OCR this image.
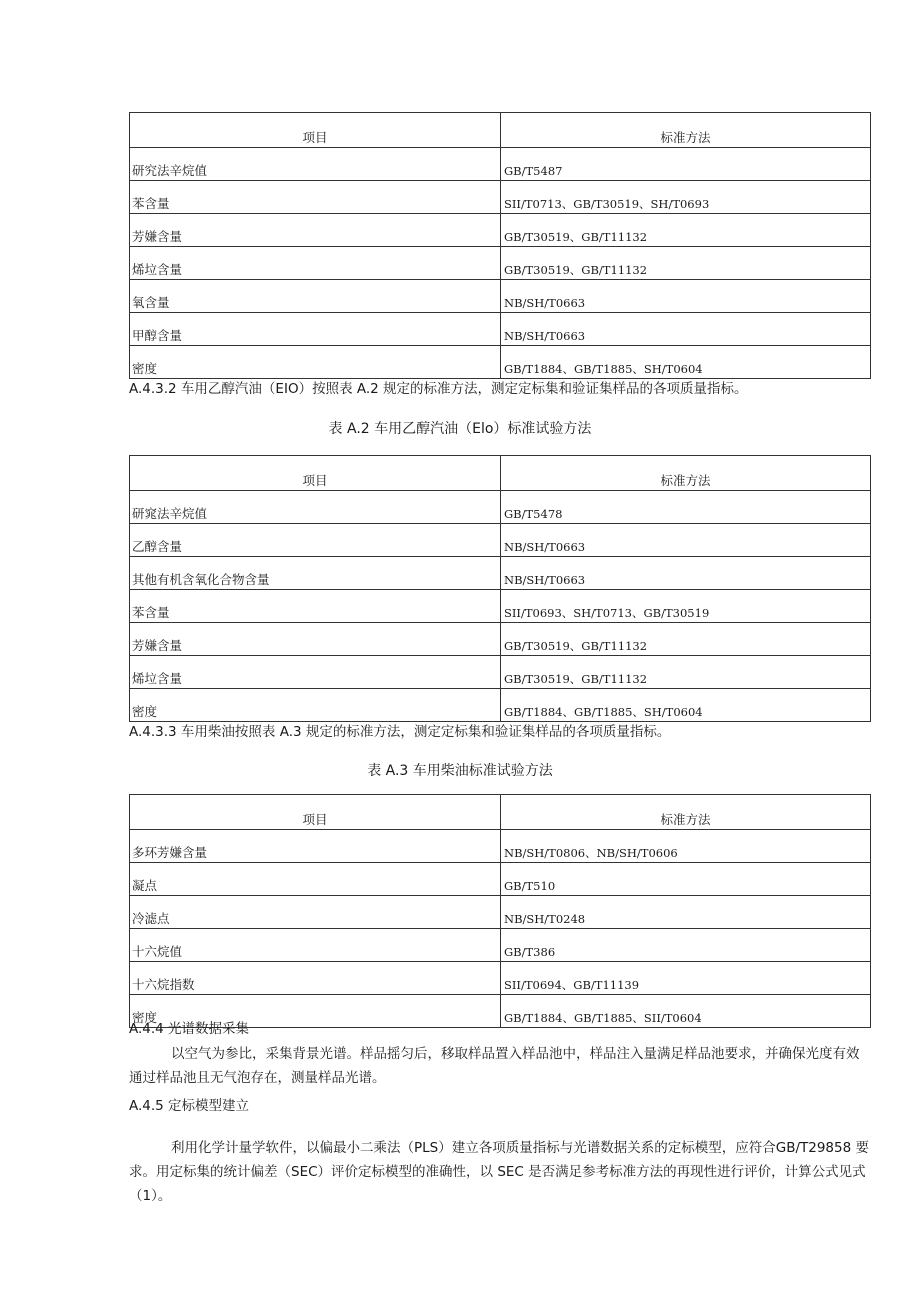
项目	标准方法
研究法辛烷值	GB/T5487
苯含量	SII/T0713、GB/T30519、SH/T0693
芳嫌含量	GB/T30519、GB/T11132
烯垃含量	GB/T30519、GB/T11132
氧含量	NB/SH/T0663
甲醇含量	NB/SH/T0663
密度	GB/T1884、GB/T1885、SH/T0604
A.4.3.2 车用乙醇汽油（EIO）按照表 A.2 规定的标准方法，测定定标集和验证集样品的各项质量指标。
表 A.2 车用乙醇汽油（Elo）标准试验方法
项目	标准方法
研窕法辛烷值	GB/T5478
乙醇含量	NB/SH/T0663
其他有机含氧化合物含量	NB/SH/T0663
苯含量	SII/T0693、SH/T0713、GB/T30519
芳嫌含量	GB/T30519、GB/T11132
烯垃含量	GB/T30519、GB/T11132
密度	GB/T1884、GB/T1885、SH/T0604
A.4.3.3 车用柴油按照表 A.3 规定的标准方法，测定定标集和验证集样品的各项质量指标。
表 A.3 车用柴油标准试验方法
项目	标准方法
多环芳嫌含量	NB/SH/T0806、NB/SH/T0606
凝点	GB/T510
冷滤点	NB/SH/T0248
十六烷值	GB/T386
十六烷指数	SII/T0694、GB/T11139
密度	GB/T1884、GB/T1885、SII/T0604
A.4.4 光谱数据采集
以空气为参比，采集背景光谱。样品摇匀后，移取样品置入样品池中，样品注入量满足样品池要求，并确保光度有效通过样品池且无气泡存在，测量样品光谱。
A.4.5 定标模型建立
利用化学计量学软件，以偏最小二乘法（PLS）建立各项质量指标与光谱数据关系的定标模型，应符合GB/T29858 要求。用定标集的统计偏差（SEC）评价定标模型的准确性，以 SEC 是否满足参考标准方法的再现性进行评价，计算公式见式（1）。
